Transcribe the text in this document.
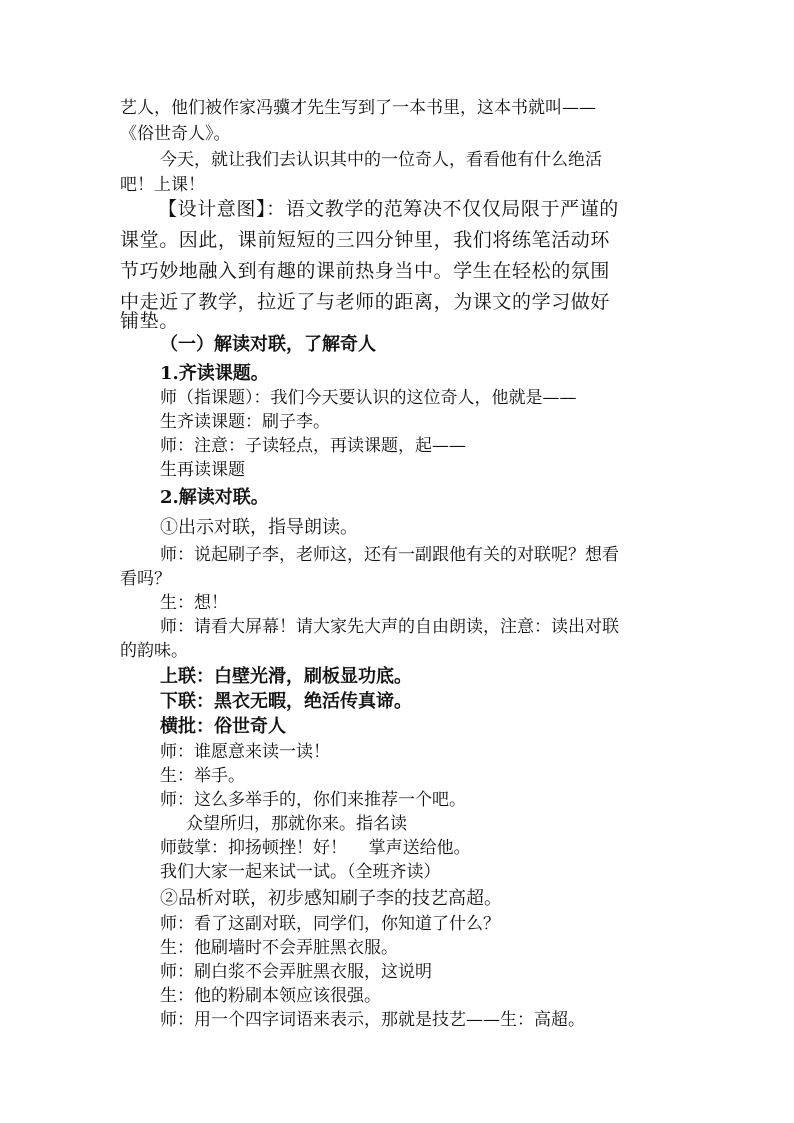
艺人，他们被作家冯骥才先生写到了一本书里，这本书就叫——
《俗世奇人》。
今天，就让我们去认识其中的一位奇人，看看他有什么绝活
吧！上课！
【设计意图】：语文教学的范筹决不仅仅局限于严谨的
课堂。因此，课前短短的三四分钟里，我们将练笔活动环
节巧妙地融入到有趣的课前热身当中。学生在轻松的氛围
中走近了教学，拉近了与老师的距离，为课文的学习做好
铺垫。
（一）解读对联，了解奇人
1.齐读课题。
师（指课题）：我们今天要认识的这位奇人，他就是——
生齐读课题：刷子李。
师：注意：子读轻点，再读课题，起——
生再读课题
2.解读对联。
①出示对联，指导朗读。
师：说起刷子李，老师这，还有一副跟他有关的对联呢？想看
看吗？
生：想！
师：请看大屏幕！请大家先大声的自由朗读，注意：读出对联
的韵味。
上联：白壁光滑，刷板显功底。
下联：黑衣无暇，绝活传真谛。
横批：俗世奇人
师：谁愿意来读一读！
生：举手。
师：这么多举手的，你们来推荐一个吧。
众望所归，那就你来。指名读
师鼓掌：抑扬顿挫！好！    掌声送给他。
我们大家一起来试一试。（全班齐读）
②品析对联，初步感知刷子李的技艺高超。
师：看了这副对联，同学们，你知道了什么？
生：他刷墙时不会弄脏黑衣服。
师：刷白浆不会弄脏黑衣服，这说明
生：他的粉刷本领应该很强。
师：用一个四字词语来表示，那就是技艺——生：高超。
